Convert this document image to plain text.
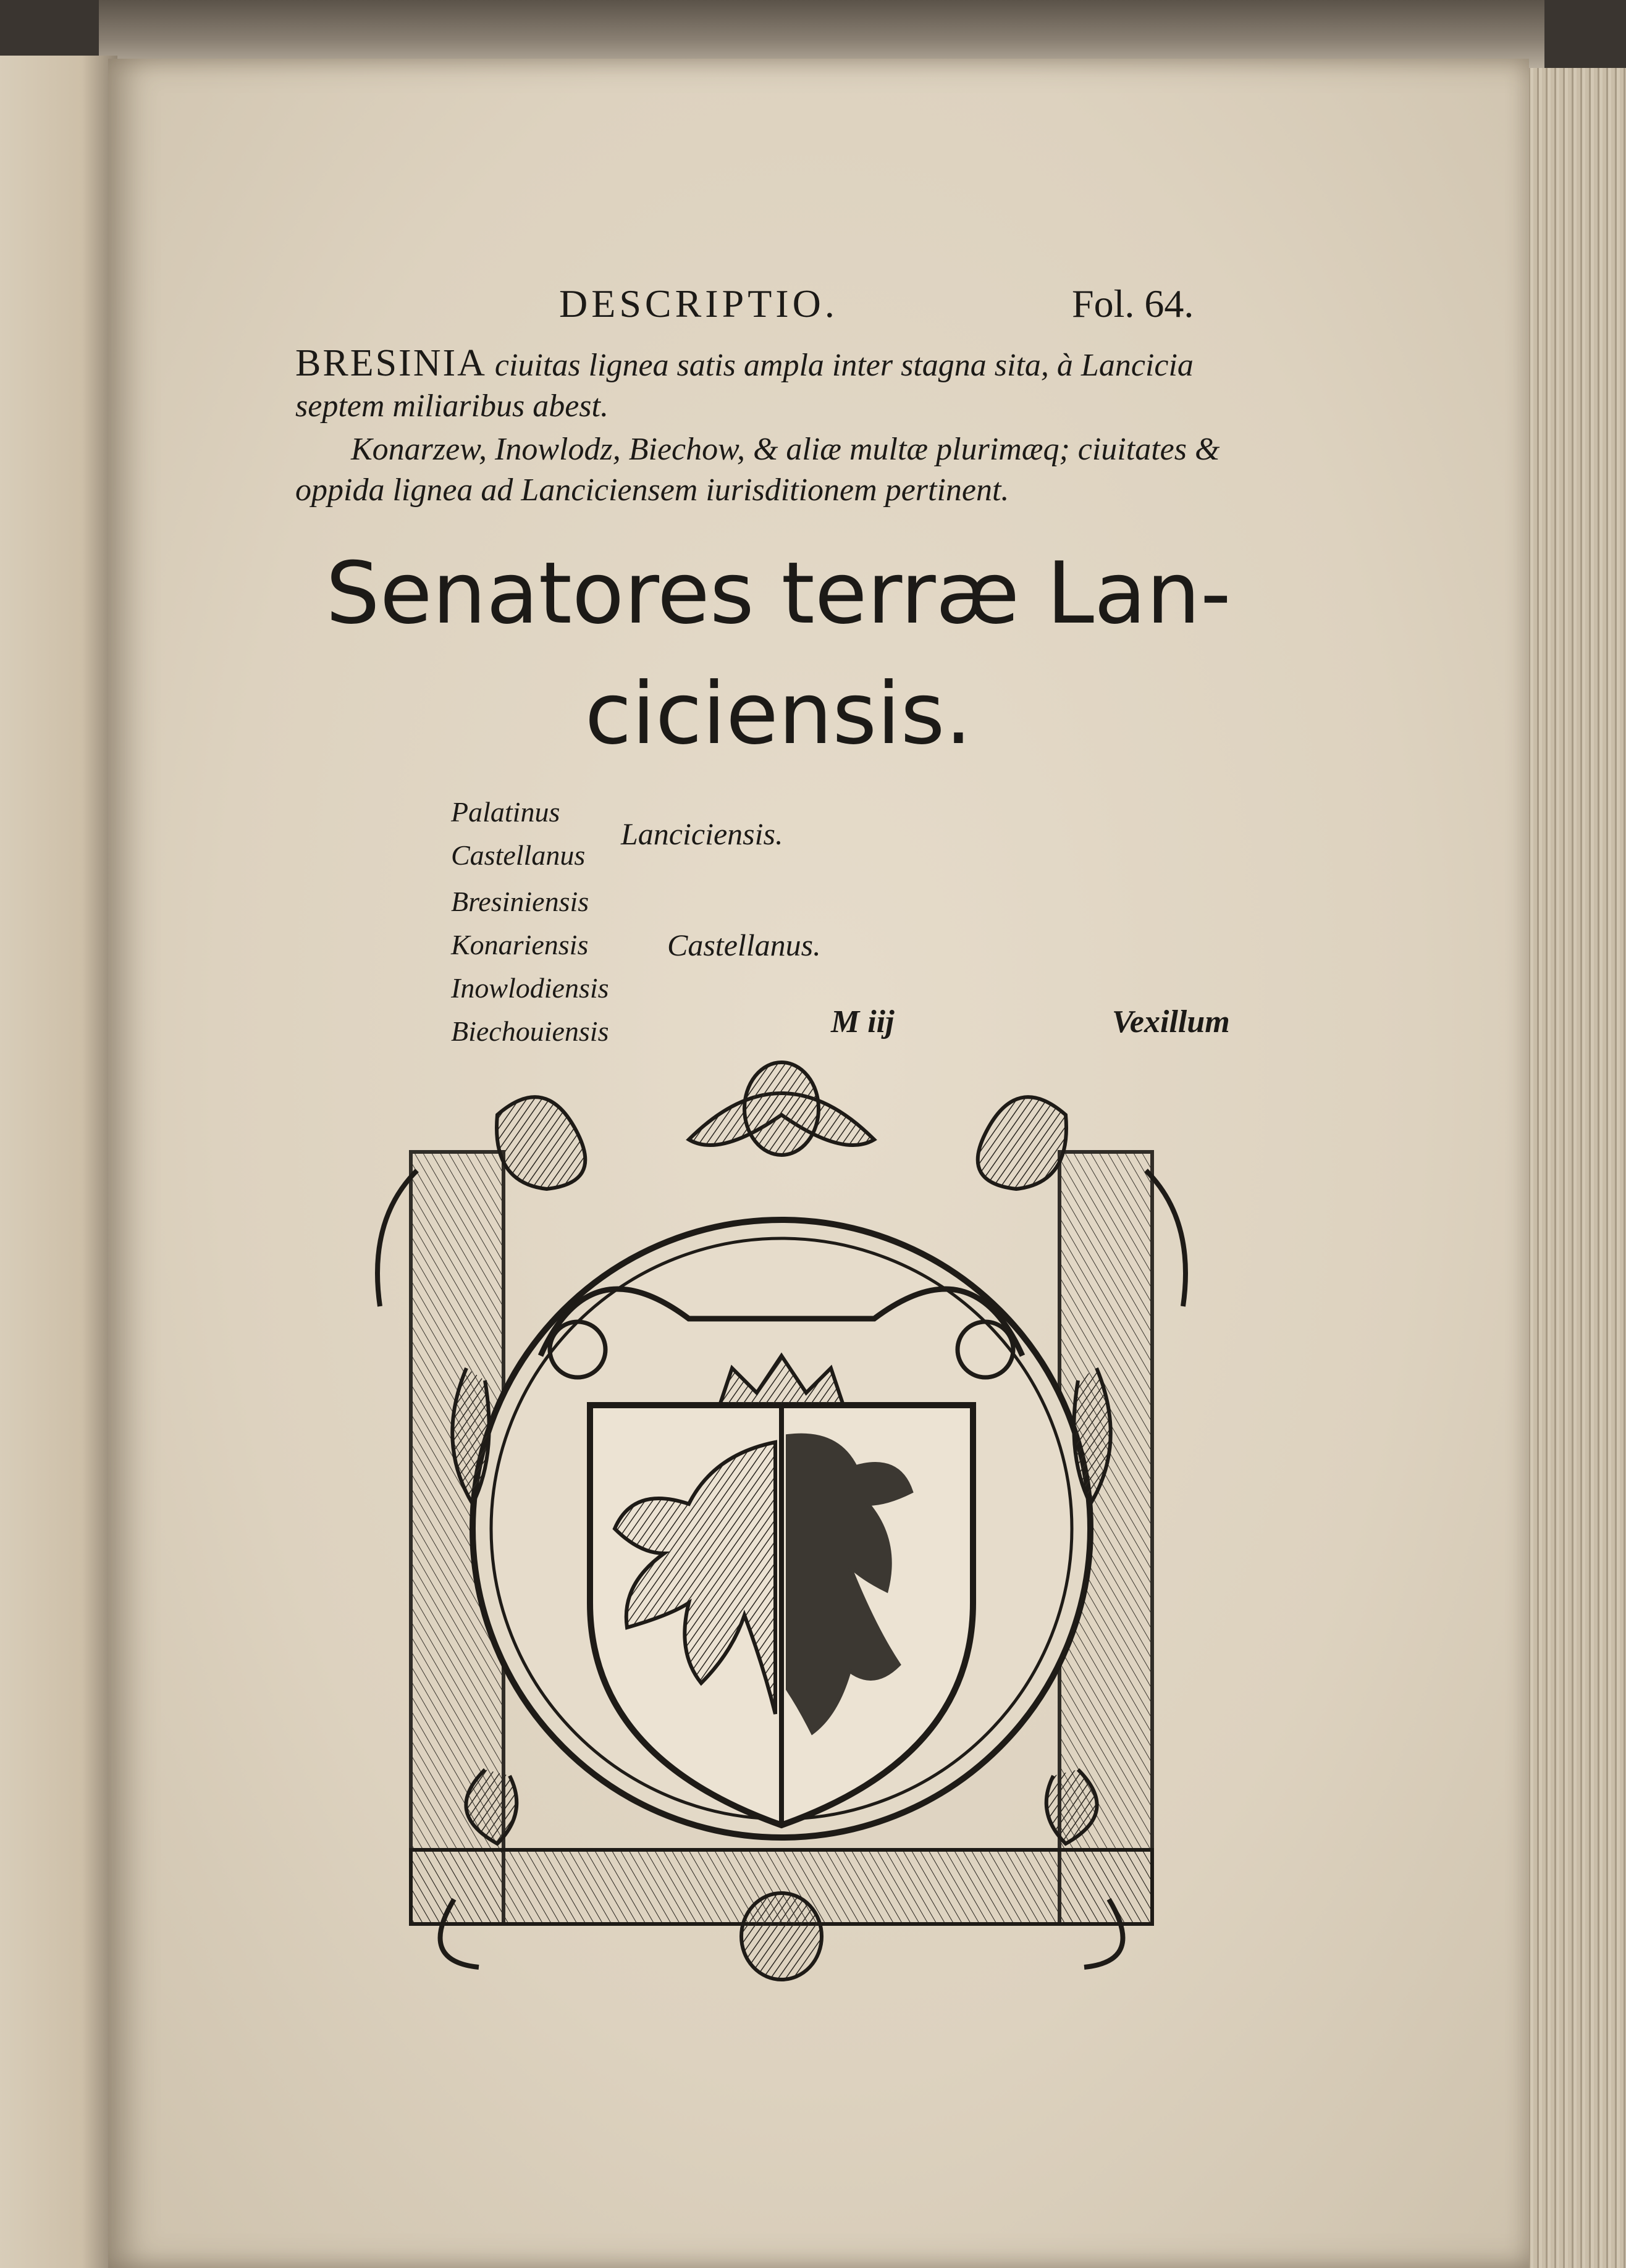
DESCRIPTIO.	Fol. 64.
BRESINIA ciuitas lignea satis ampla inter stagna sita, à Lancicia septem miliaribus abest.
Konarzew, Inowlodz, Biechow, & aliæ multæ plurimæq; ciuitates & oppida lignea ad Lanciciensem iurisditionem pertinent.
Senatores terræ Lan-
ciciensis.
Palatinus
Castellanus
Lanciciensis.
Bresiniensis
Konariensis
Inowlodiensis
Biechouiensis
Castellanus.
M iij	Vexillum
